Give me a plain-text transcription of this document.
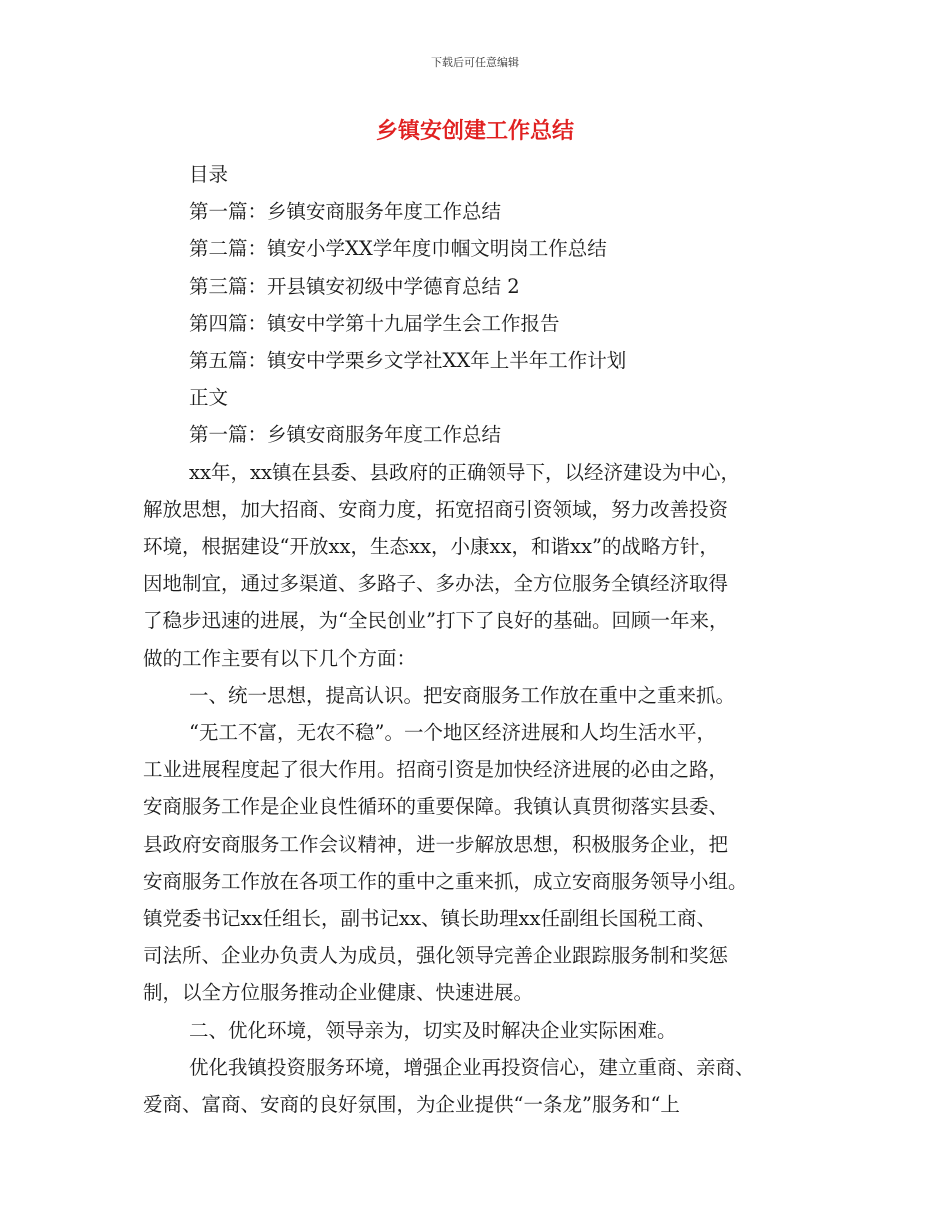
下载后可任意编辑
乡镇安创建工作总结

目录

第一篇：乡镇安商服务年度工作总结

第二篇：镇安小学XX学年度巾帼文明岗工作总结

第三篇：开县镇安初级中学德育总结 2

第四篇：镇安中学第十九届学生会工作报告

第五篇：镇安中学栗乡文学社XX年上半年工作计划

正文

第一篇：乡镇安商服务年度工作总结

xx年，xx镇在县委、县政府的正确领导下，以经济建设为中心，
解放思想，加大招商、安商力度，拓宽招商引资领域，努力改善投资
环境，根据建设“开放xx，生态xx，小康xx，和谐xx”的战略方针，
因地制宜，通过多渠道、多路子、多办法，全方位服务全镇经济取得
了稳步迅速的进展，为“全民创业”打下了良好的基础。回顾一年来，
做的工作主要有以下几个方面：

一、统一思想，提高认识。把安商服务工作放在重中之重来抓。

“无工不富，无农不稳”。一个地区经济进展和人均生活水平，
工业进展程度起了很大作用。招商引资是加快经济进展的必由之路，
安商服务工作是企业良性循环的重要保障。我镇认真贯彻落实县委、
县政府安商服务工作会议精神，进一步解放思想，积极服务企业，把
安商服务工作放在各项工作的重中之重来抓，成立安商服务领导小组。
镇党委书记xx任组长，副书记xx、镇长助理xx任副组长国税工商、
司法所、企业办负责人为成员，强化领导完善企业跟踪服务制和奖惩
制，以全方位服务推动企业健康、快速进展。

二、优化环境，领导亲为，切实及时解决企业实际困难。

优化我镇投资服务环境，增强企业再投资信心，建立重商、亲商、
爱商、富商、安商的良好氛围，为企业提供“一条龙”服务和“上
